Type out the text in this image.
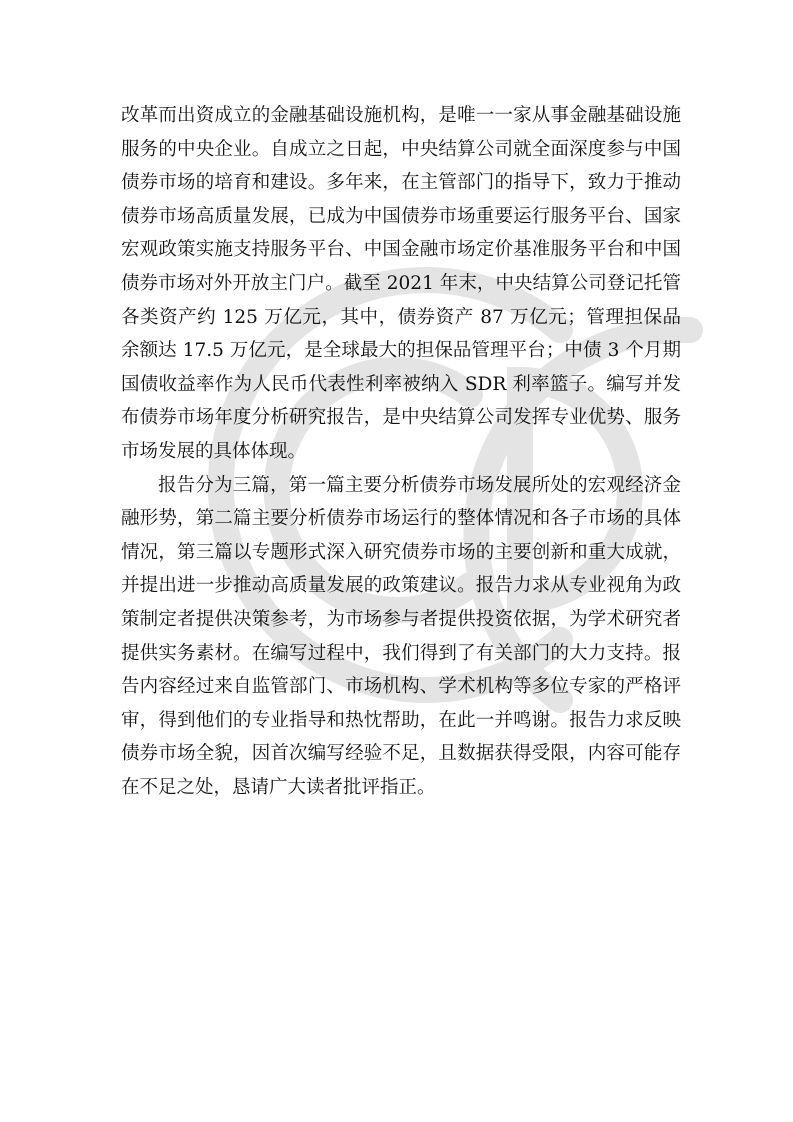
改革而出资成立的金融基础设施机构，是唯一一家从事金融基础设施服务的中央企业。自成立之日起，中央结算公司就全面深度参与中国债券市场的培育和建设。多年来，在主管部门的指导下，致力于推动债券市场高质量发展，已成为中国债券市场重要运行服务平台、国家宏观政策实施支持服务平台、中国金融市场定价基准服务平台和中国债券市场对外开放主门户。截至 2021 年末，中央结算公司登记托管各类资产约 125 万亿元，其中，债券资产 87 万亿元；管理担保品余额达 17.5 万亿元，是全球最大的担保品管理平台；中债 3 个月期国债收益率作为人民币代表性利率被纳入 SDR 利率篮子。编写并发布债券市场年度分析研究报告，是中央结算公司发挥专业优势、服务市场发展的具体体现。

报告分为三篇，第一篇主要分析债券市场发展所处的宏观经济金融形势，第二篇主要分析债券市场运行的整体情况和各子市场的具体情况，第三篇以专题形式深入研究债券市场的主要创新和重大成就，并提出进一步推动高质量发展的政策建议。报告力求从专业视角为政策制定者提供决策参考，为市场参与者提供投资依据，为学术研究者提供实务素材。在编写过程中，我们得到了有关部门的大力支持。报告内容经过来自监管部门、市场机构、学术机构等多位专家的严格评审，得到他们的专业指导和热忱帮助，在此一并鸣谢。报告力求反映债券市场全貌，因首次编写经验不足，且数据获得受限，内容可能存在不足之处，恳请广大读者批评指正。
